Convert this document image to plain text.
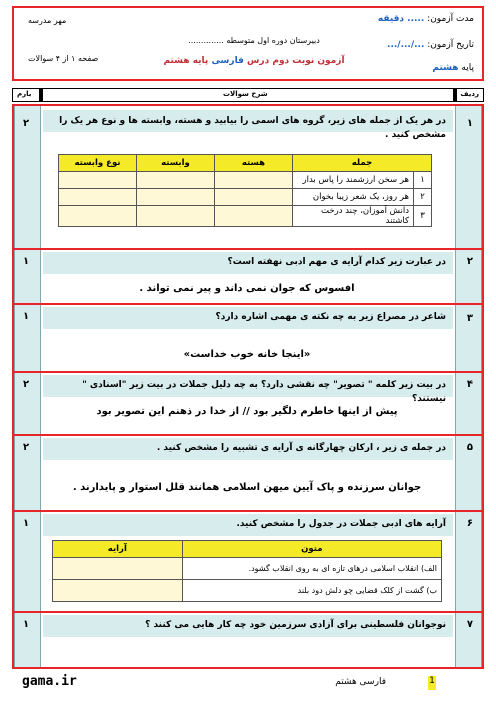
مدت آزمون: ..... دقیقه
تاریخ آزمون: .../.../...
پایه هشتم
مهر مدرسه
دبیرستان دوره اول متوسطه ..............
آزمون نوبت دوم درس فارسی پایه هشتم
صفحه ۱ از ۴ سوالات
ردیف
شرح سوالات
بارم
۱
۲	در هر یک از جمله های زیر، گروه های اسمی را بیابید و هسته، وابسته ها و نوع هر یک را مشخص کنید .
جمله		هسته	وابسته	نوع وابسته
۱	هر سخن ارزشمند را پاس بدار			
۲	هر روز، یک شعر زیبا بخوان			
۳	دانش آموزان، چند درخت کاشتند			
۲
۱	در عبارت زیر کدام آرایه ی مهم ادبی نهفته است؟
افسوس که جوان نمی داند و پیر نمی تواند .
۳
۱	شاعر در مصراع زیر به چه نکته ی مهمی اشاره دارد؟
«اینجا خانه خوب خداست»
۴
۲	در بیت زیر کلمه " تصویر" چه نقشی دارد؟ به چه دلیل جملات در بیت زیر "اسنادی " نیستند؟
پیش از اینها خاطرم دلگیر بود // از خدا در ذهنم این تصویر بود
۵
۲	در جمله ی زیر ، ارکان چهارگانه ی آرایه ی تشبیه را مشخص کنید .
جوانان سرزنده و پاک آیین میهن اسلامی همانند قلل استوار و پایدارند .
۶
۱	آرایه های ادبی جملات در جدول را مشخص کنید.
متون	آرایه
الف) انقلاب اسلامی درهای تازه ای به روی انقلاب گشود.	
ب) گشت از کلک قضایی چو دلش دود بلند	
۷
۱	نوجوانان فلسطینی برای آزادی سرزمین خود چه کار هایی می کنند ؟
gama.ir	فارسی هشتم	1
